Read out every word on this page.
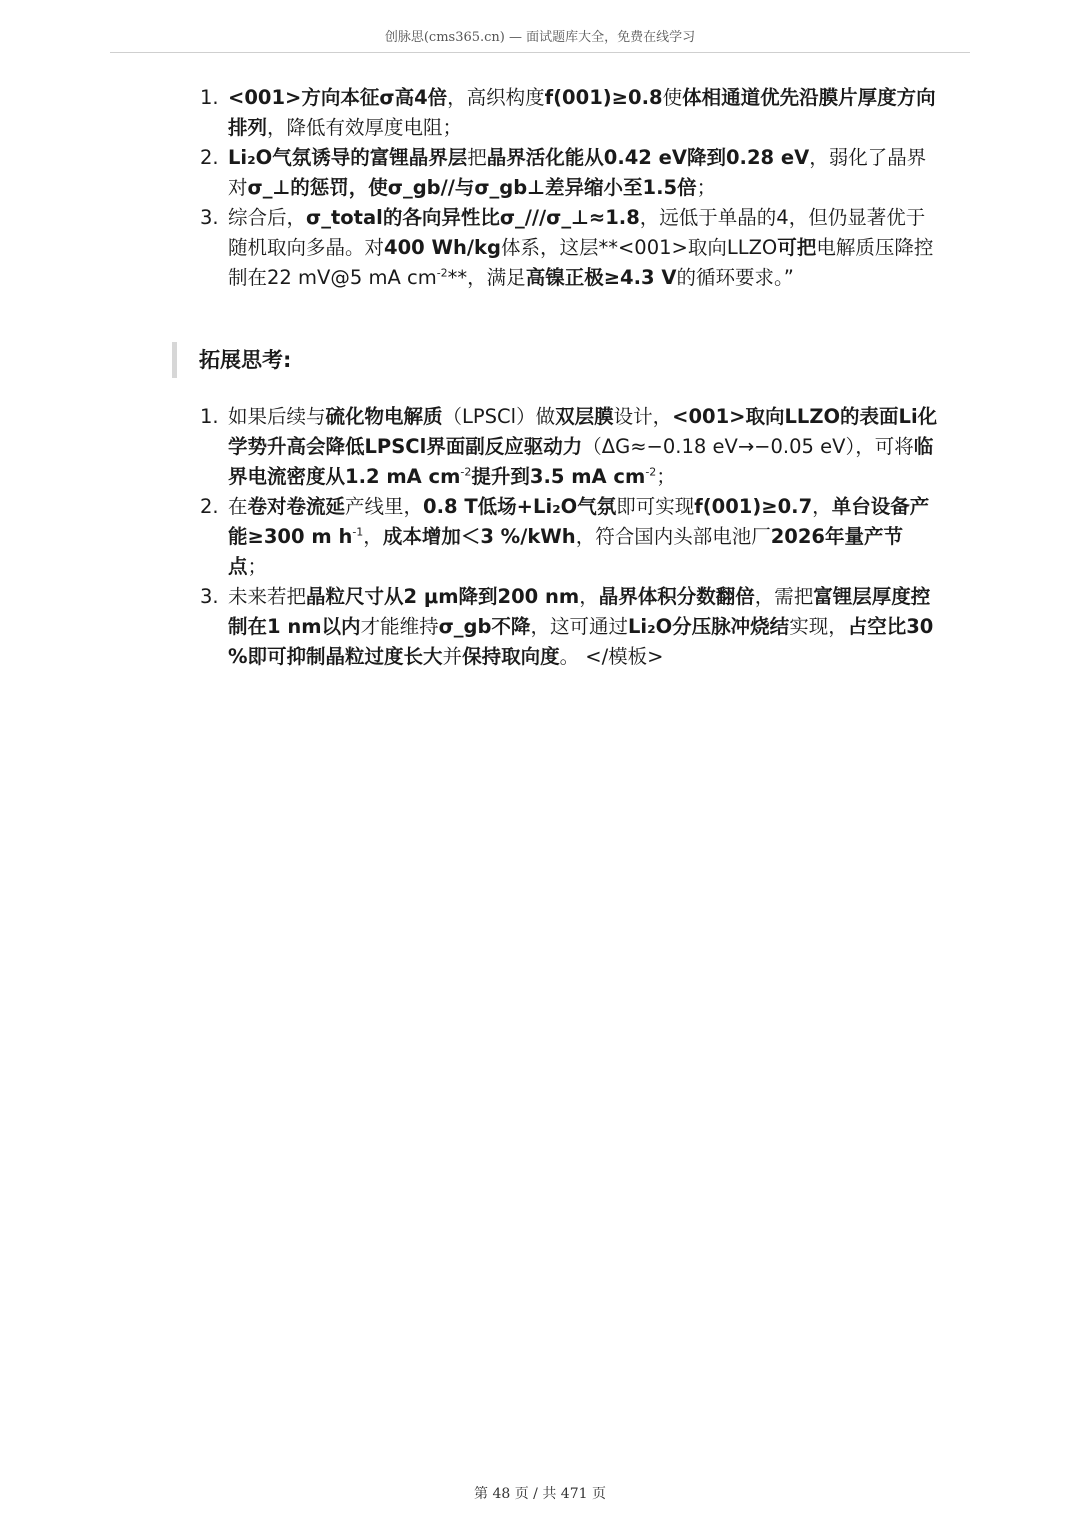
创脉思(cms365.cn) — 面试题库大全，免费在线学习
1. <001>方向本征σ高4倍，高织构度f(001)≥0.8使体相通道优先沿膜片厚度方向排列，降低有效厚度电阻；
2. Li₂O气氛诱导的富锂晶界层把晶界活化能从0.42 eV降到0.28 eV，弱化了晶界对σ_⊥的惩罚，使σ_gb//与σ_gb⊥差异缩小至1.5倍；
3. 综合后，σ_total的各向异性比σ_//∕σ_⊥≈1.8，远低于单晶的4，但仍显著优于随机取向多晶。对400 Wh/kg体系，这层**<001>取向LLZO可把电解质压降控制在22 mV@5 mA $cm^{-2}**$，满足高镍正极≥4.3 V的循环要求。”
拓展思考:
1. 如果后续与硫化物电解质（LPSCl）做双层膜设计，<001>取向LLZO的表面Li化学势升高会降低LPSCl界面副反应驱动力（ΔG≈−0.18 eV→−0.05 eV），可将临界电流密度从1.2 mA $cm^{-2}$提升到3.5 mA $cm^{-2}$；
2. 在卷对卷流延产线里，0.8 T低场+Li₂O气氛即可实现f(001)≥0.7，单台设备产能≥300 m $h^{-1}$，成本增加＜3 %/kWh，符合国内头部电池厂2026年量产节点；
3. 未来若把晶粒尺寸从2 μm降到200 nm，晶界体积分数翻倍，需把富锂层厚度控制在1 nm以内才能维持σ_gb不降，这可通过Li₂O分压脉冲烧结实现，占空比30 %即可抑制晶粒过度长大并保持取向度。 </模板>
第 48 页 / 共 471 页
